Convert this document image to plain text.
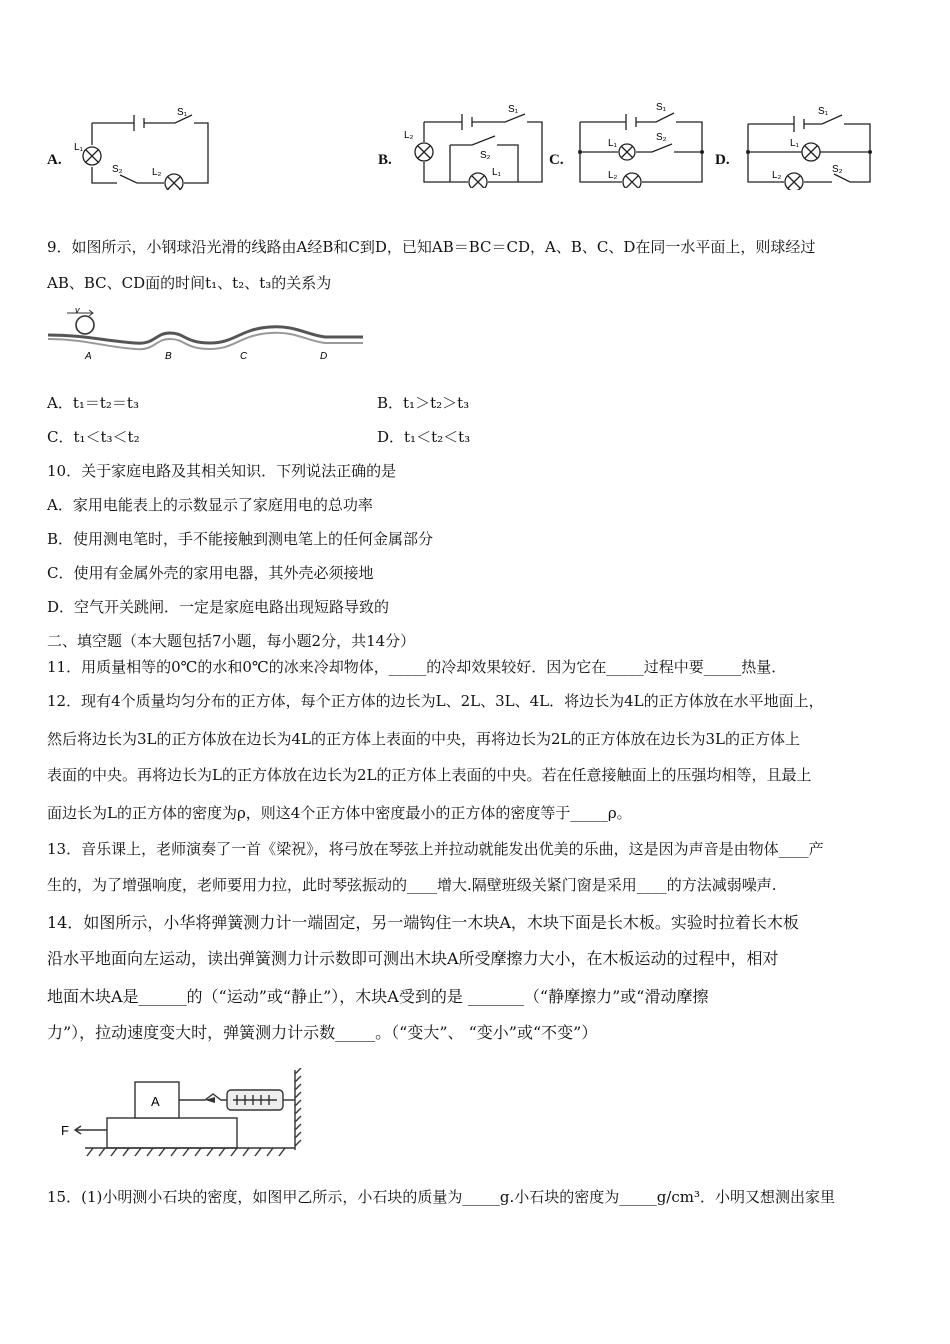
A.
L₁
S₁
S₂	L₂
B.
L₂
S₁
S₂
L₁
C.
S₁
L₁
S₂
L₂
D.
S₁
L₁
L₂
S₂
9．如图所示，小钢球沿光滑的线路由A经B和C到D，已知AB＝BC＝CD，A、B、C、D在同一水平面上，则球经过
AB、BC、CD面的时间t₁、t₂、t₃的关系为
v
A	B	C	D
A．t₁＝t₂＝t₃	B．t₁＞t₂＞t₃
C．t₁＜t₃＜t₂	D．t₁＜t₂＜t₃
10．关于家庭电路及其相关知识．下列说法正确的是
A．家用电能表上的示数显示了家庭用电的总功率
B．使用测电笔时，手不能接触到测电笔上的任何金属部分
C．使用有金属外壳的家用电器，其外壳必须接地
D．空气开关跳闸．一定是家庭电路出现短路导致的
二、填空题（本大题包括7小题，每小题2分，共14分）
11．用质量相等的0℃的水和0℃的冰来冷却物体，_____的冷却效果较好．因为它在_____过程中要_____热量．
12．现有4个质量均匀分布的正方体，每个正方体的边长为L、2L、3L、4L．将边长为4L的正方体放在水平地面上，
然后将边长为3L的正方体放在边长为4L的正方体上表面的中央，再将边长为2L的正方体放在边长为3L的正方体上
表面的中央。再将边长为L的正方体放在边长为2L的正方体上表面的中央。若在任意接触面上的压强均相等，且最上
面边长为L的正方体的密度为ρ，则这4个正方体中密度最小的正方体的密度等于_____ρ。
13．音乐课上，老师演奏了一首《梁祝》，将弓放在琴弦上并拉动就能发出优美的乐曲，这是因为声音是由物体____产
生的，为了增强响度，老师要用力拉，此时琴弦振动的____增大.隔壁班级关紧门窗是采用____的方法减弱噪声.
14．如图所示，小华将弹簧测力计一端固定，另一端钩住一木块A，木块下面是长木板。实验时拉着长木板
沿水平地面向左运动，读出弹簧测力计示数即可测出木块A所受摩擦力大小，在木板运动的过程中，相对
地面木块A是______的（“运动”或“静止”），木块A受到的是 _______（“静摩擦力”或“滑动摩擦
力”），拉动速度变大时，弹簧测力计示数_____。（“变大”、 “变小”或“不变”）
A
F
15．(1)小明测小石块的密度，如图甲乙所示，小石块的质量为_____g.小石块的密度为_____g/cm³．小明又想测出家里
